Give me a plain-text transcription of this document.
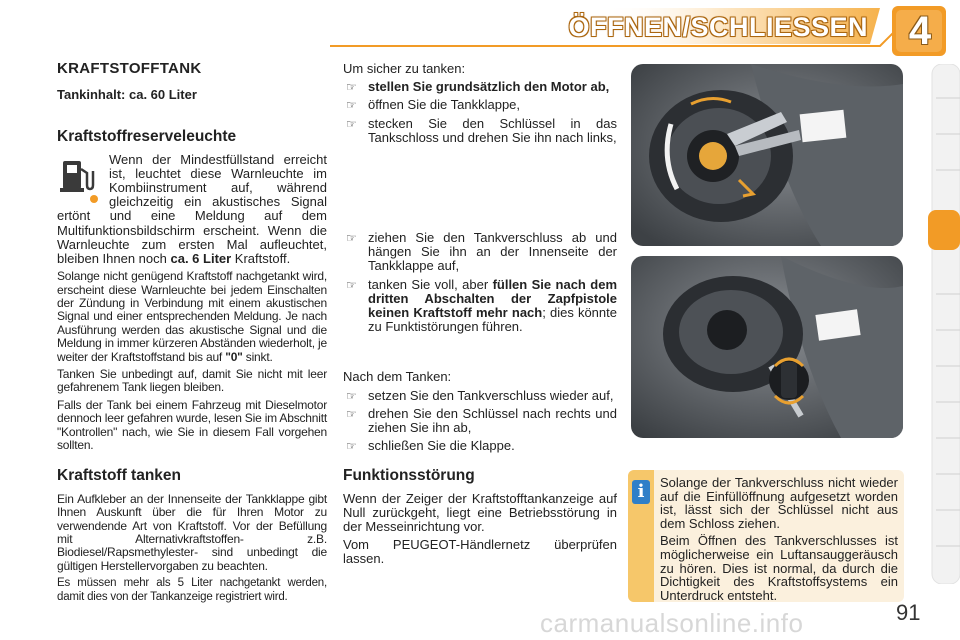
ÖFFNEN/SCHLIESSEN	4
KRAFTSTOFFTANK
Tankinhalt: ca. 60 Liter
Kraftstoffreserveleuchte

Wenn der Mindestfüllstand erreicht ist, leuchtet diese Warnleuchte im Kombiinstrument auf, während gleichzeitig ein akustisches Signal ertönt und eine Meldung auf dem Multifunktionsbildschirm erscheint. Wenn die Warnleuchte zum ersten Mal aufleuchtet, bleiben Ihnen noch ca. 6 Liter Kraftstoff.

Solange nicht genügend Kraftstoff nachgetankt wird, erscheint diese Warnleuchte bei jedem Einschalten der Zündung in Verbindung mit einem akustischen Signal und einer entsprechenden Meldung. Je nach Ausführung werden das akustische Signal und die Meldung in immer kürzeren Abständen wiederholt, je weiter der Kraftstoffstand bis auf "0" sinkt.

Tanken Sie unbedingt auf, damit Sie nicht mit leer gefahrenem Tank liegen bleiben.

Falls der Tank bei einem Fahrzeug mit Dieselmotor dennoch leer gefahren wurde, lesen Sie im Abschnitt "Kontrollen" nach, wie Sie in diesem Fall vorgehen sollten.

Kraftstoff tanken

Ein Aufkleber an der Innenseite der Tankklappe gibt Ihnen Auskunft über die für Ihren Motor zu verwendende Art von Kraftstoff. Vor der Befüllung mit Alternativkraftstoffen- z.B. Biodiesel/Rapsmethylester- sind unbedingt die gültigen Herstellervorgaben zu beachten.

Es müssen mehr als 5 Liter nachgetankt werden, damit dies von der Tankanzeige registriert wird.

Um sicher zu tanken:

☞ stellen Sie grundsätzlich den Motor ab,
☞ öffnen Sie die Tankklappe,
☞ stecken Sie den Schlüssel in das Tankschloss und drehen Sie ihn nach links,
☞ ziehen Sie den Tankverschluss ab und hängen Sie ihn an der Innenseite der Tankklappe auf,
☞ tanken Sie voll, aber füllen Sie nach dem dritten Abschalten der Zapfpistole keinen Kraftstoff mehr nach; dies könnte zu Funktistörungen führen.

Nach dem Tanken:

☞ setzen Sie den Tankverschluss wieder auf,
☞ drehen Sie den Schlüssel nach rechts und ziehen Sie ihn ab,
☞ schließen Sie die Klappe.
Funktionsstörung

Wenn der Zeiger der Kraftstofftankanzeige auf Null zurückgeht, liegt eine Betriebsstörung in der Messeinrichtung vor.

Vom PEUGEOT-Händlernetz überprüfen lassen.

i	Solange der Tankverschluss nicht wieder auf die Einfüllöffnung aufgesetzt worden ist, lässt sich der Schlüssel nicht aus dem Schloss ziehen.

Beim Öffnen des Tankverschlusses ist möglicherweise ein Luftansauggeräusch zu hören. Dies ist normal, da durch die Dichtigkeit des Kraftstoffsystems ein Unterdruck entsteht.

carmanualsonline.info	91
